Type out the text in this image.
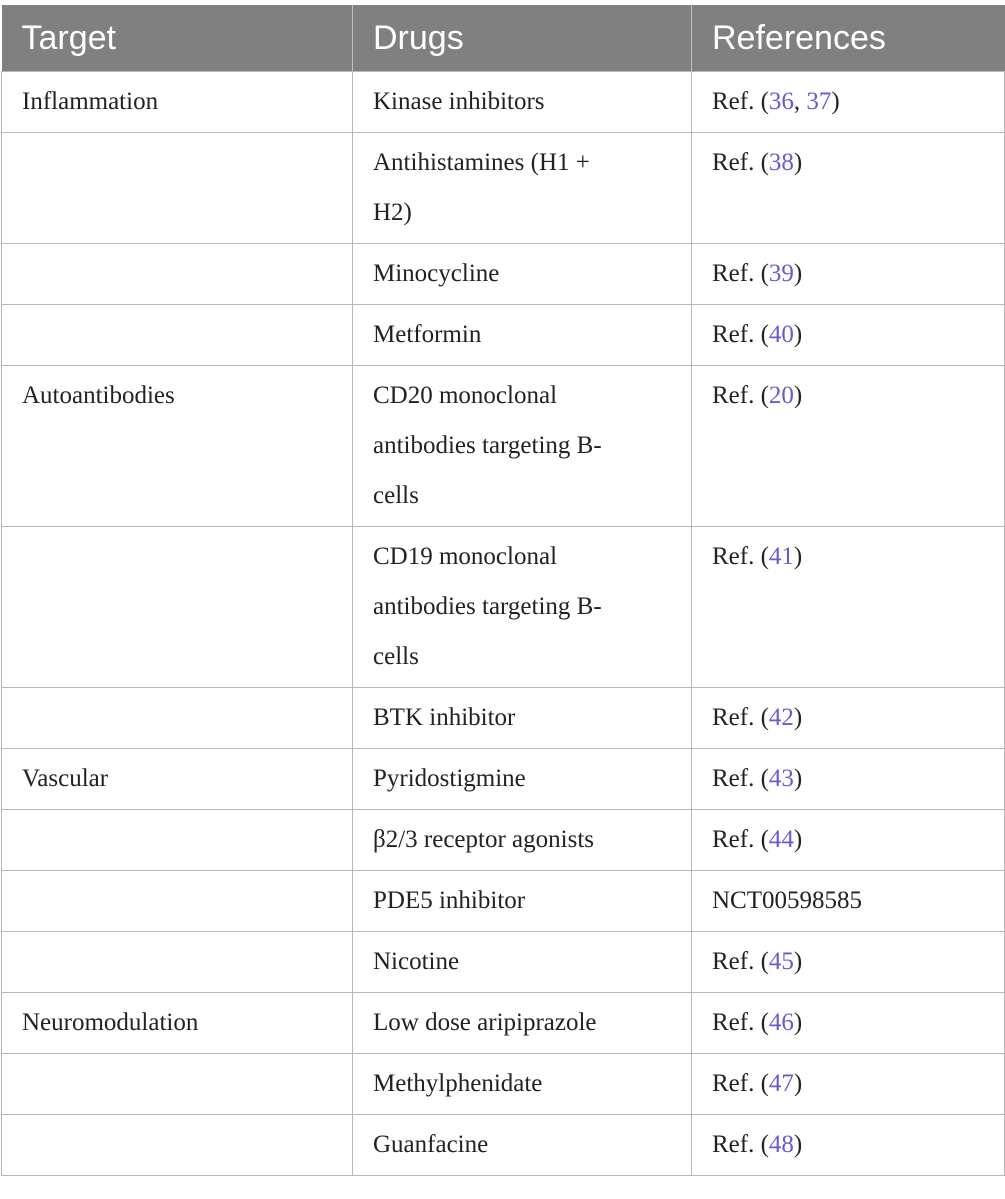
Target	Drugs	References
Inflammation	Kinase inhibitors	Ref. (36, 37)
	Antihistamines (H1 + H2)	Ref. (38)
	Minocycline	Ref. (39)
	Metformin	Ref. (40)
Autoantibodies	CD20 monoclonal antibodies targeting B-cells	Ref. (20)
	CD19 monoclonal antibodies targeting B-cells	Ref. (41)
	BTK inhibitor	Ref. (42)
Vascular	Pyridostigmine	Ref. (43)
	β2/3 receptor agonists	Ref. (44)
	PDE5 inhibitor	NCT00598585
	Nicotine	Ref. (45)
Neuromodulation	Low dose aripiprazole	Ref. (46)
	Methylphenidate	Ref. (47)
	Guanfacine	Ref. (48)
